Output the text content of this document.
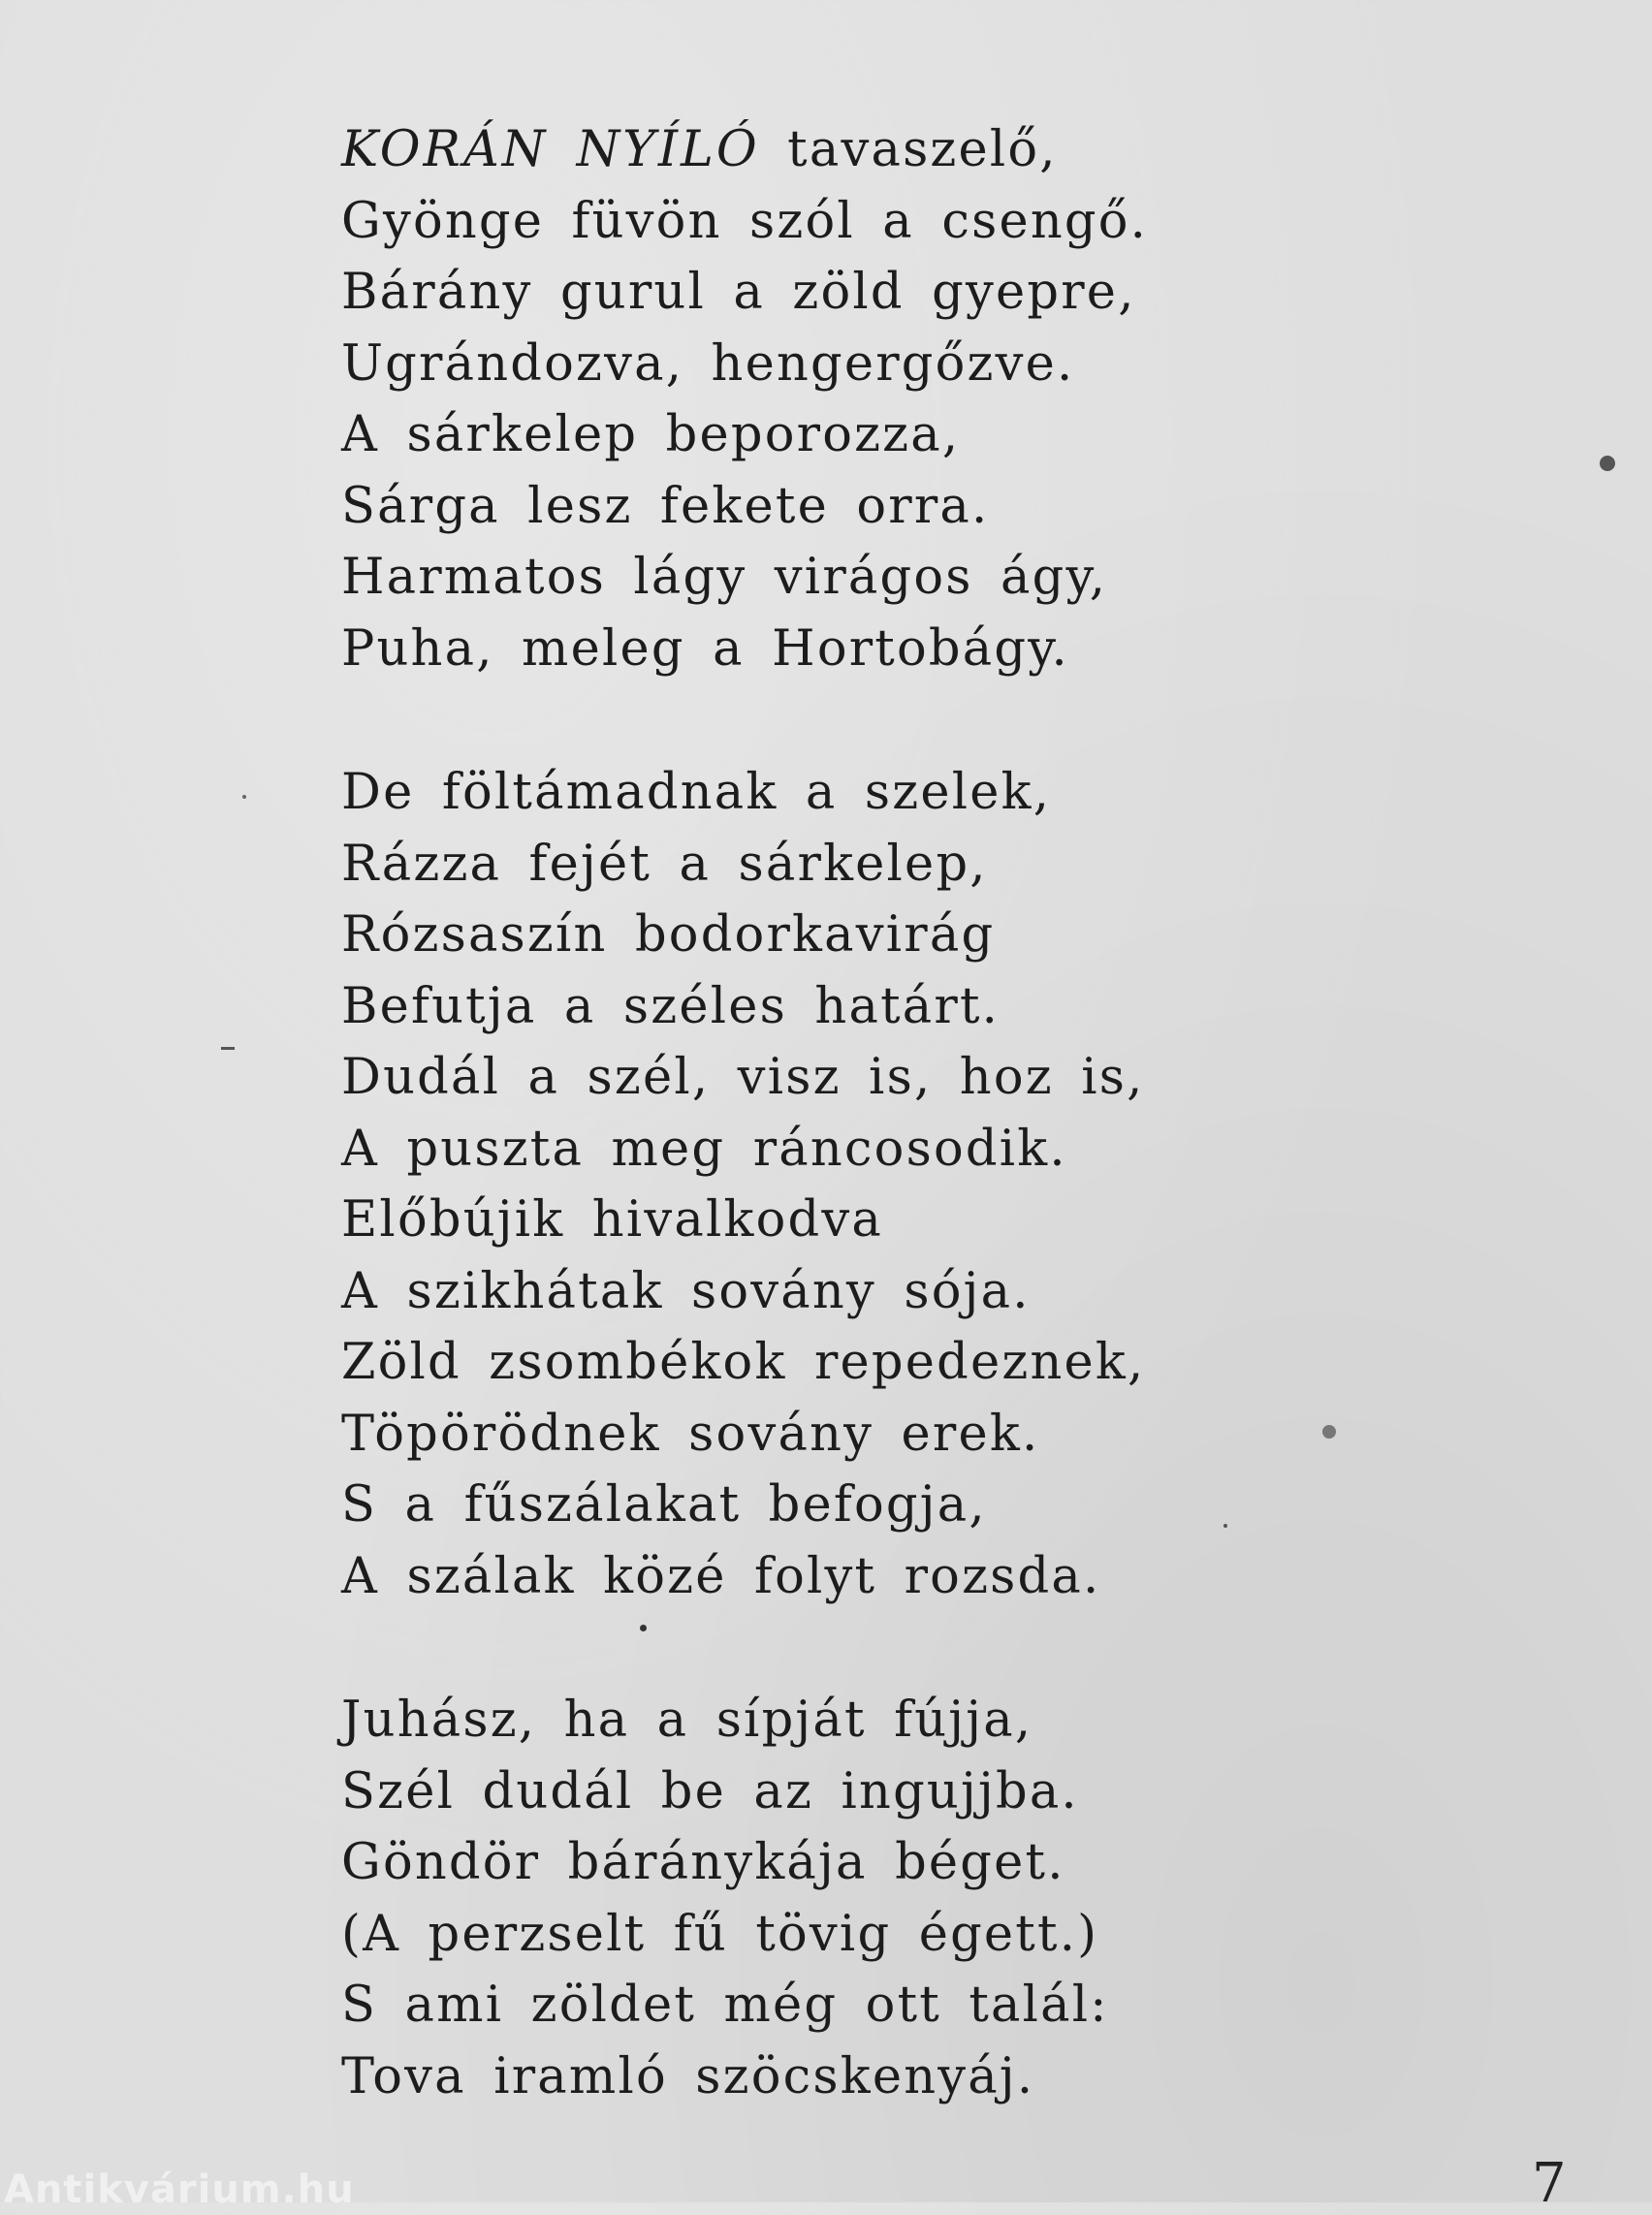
KORÁN NYÍLÓ tavaszelő,
Gyönge füvön szól a csengő.
Bárány gurul a zöld gyepre,
Ugrándozva, hengergőzve.
A sárkelep beporozza,
Sárga lesz fekete orra.
Harmatos lágy virágos ágy,
Puha, meleg a Hortobágy.
De föltámadnak a szelek,
Rázza fejét a sárkelep,
Rózsaszín bodorkavirág
Befutja a széles határt.
Dudál a szél, visz is, hoz is,
A puszta meg ráncosodik.
Előbújik hivalkodva
A szikhátak sovány sója.
Zöld zsombékok repedeznek,
Töpörödnek sovány erek.
S a fűszálakat befogja,
A szálak közé folyt rozsda.
Juhász, ha a sípját fújja,
Szél dudál be az ingujjba.
Göndör báránykája béget.
(A perzselt fű tövig égett.)
S ami zöldet még ott talál:
Tova iramló szöcskenyáj.
7
Antikvárium.hu
